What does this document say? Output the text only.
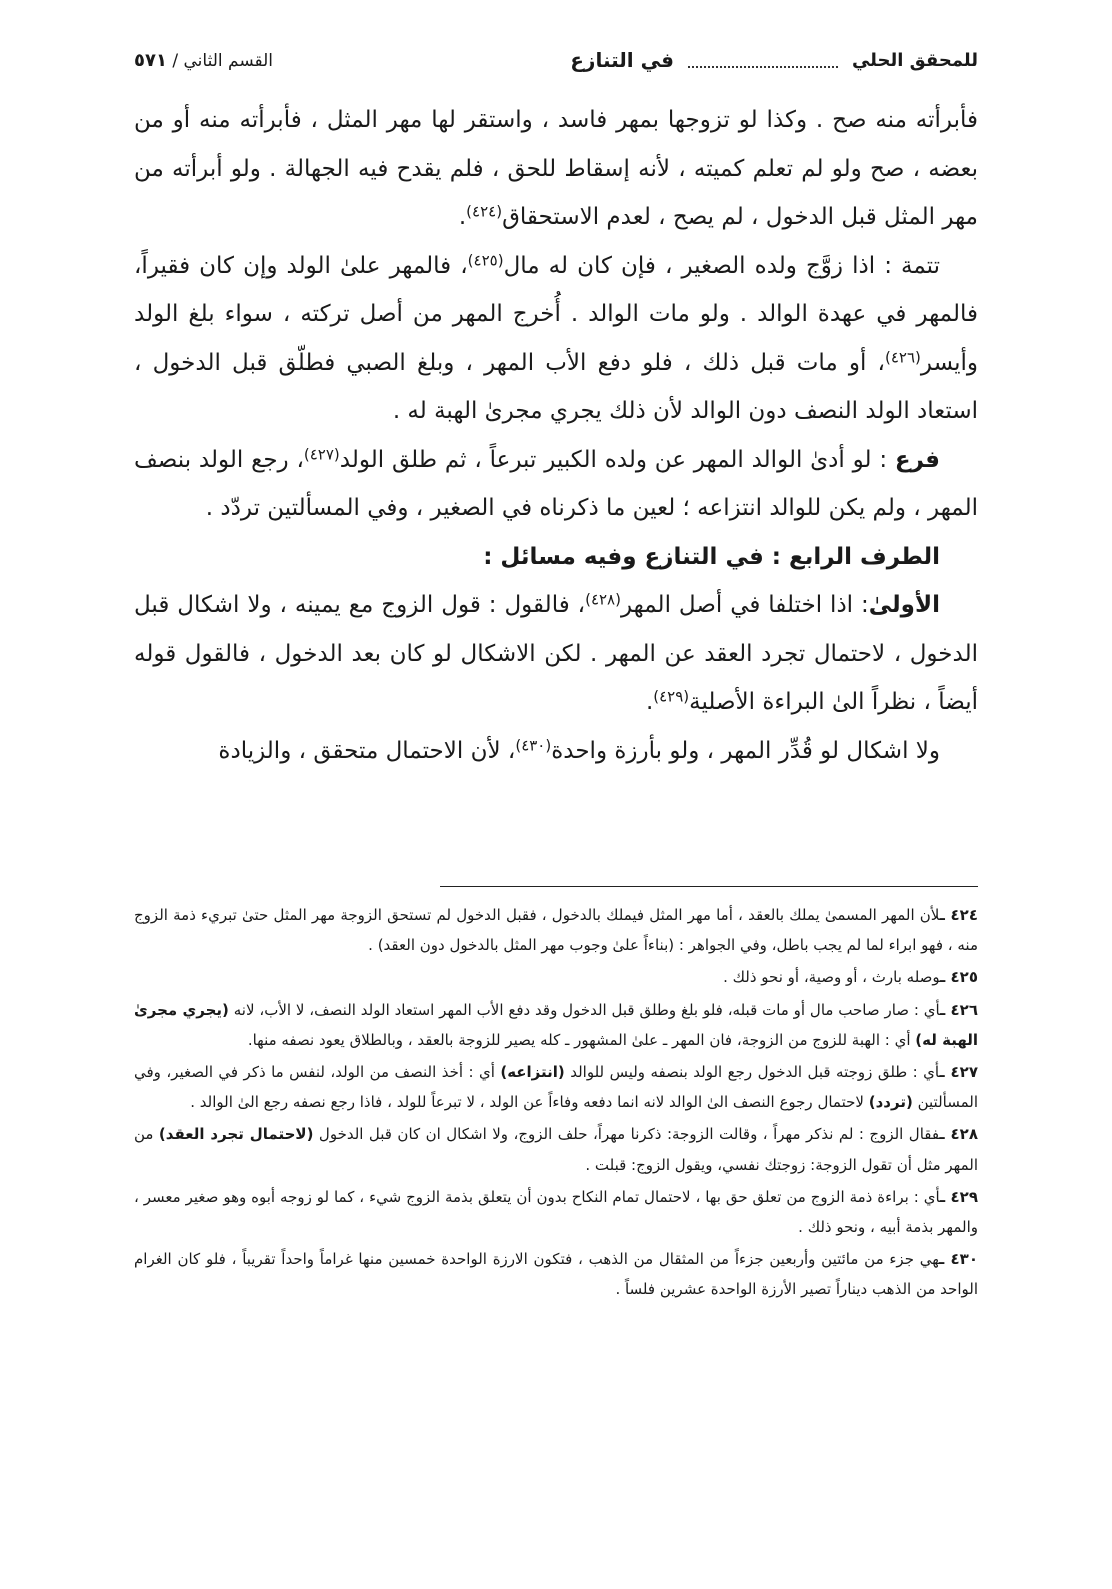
للمحقق الحلي
في التنازع
القسم الثاني / ٥٧١

فأبرأته منه صح . وكذا لو تزوجها بمهر فاسد ، واستقر لها مهر المثل ، فأبرأته منه أو من بعضه ، صح ولو لم تعلم كميته ، لأنه إسقاط للحق ، فلم يقدح فيه الجهالة . ولو أبرأته من مهر المثل قبل الدخول ، لم يصح ، لعدم الاستحقاق$^{(٤٢٤)}$.

تتمة : اذا زوَّج ولده الصغير ، فإن كان له مال$^{(٤٢٥)}$، فالمهر علىٰ الولد وإن كان فقيراً، فالمهر في عهدة الوالد . ولو مات الوالد . أُخرج المهر من أصل تركته ، سواء بلغ الولد وأيسر$^{(٤٢٦)}$، أو مات قبل ذلك ، فلو دفع الأب المهر ، وبلغ الصبي فطلّق قبل الدخول ، استعاد الولد النصف دون الوالد لأن ذلك يجري مجرىٰ الهبة له .

فرع : لو أدىٰ الوالد المهر عن ولده الكبير تبرعاً ، ثم طلق الولد$^{(٤٢٧)}$، رجع الولد بنصف المهر ، ولم يكن للوالد انتزاعه ؛ لعين ما ذكرناه في الصغير ، وفي المسألتين تردّد .

الطرف الرابع : في التنازع وفيه مسائل :

الأولىٰ: اذا اختلفا في أصل المهر$^{(٤٢٨)}$، فالقول : قول الزوج مع يمينه ، ولا اشكال قبل الدخول ، لاحتمال تجرد العقد عن المهر . لكن الاشكال لو كان بعد الدخول ، فالقول قوله أيضاً ، نظراً الىٰ البراءة الأصلية$^{(٤٢٩)}$.

ولا اشكال لو قُدِّر المهر ، ولو بأرزة واحدة$^{(٤٣٠)}$، لأن الاحتمال متحقق ، والزيادة

٤٢٤ ـلأن المهر المسمىٰ يملك بالعقد ، أما مهر المثل فيملك بالدخول ، فقبل الدخول لم تستحق الزوجة مهر المثل حتىٰ تبريء ذمة الزوج منه ، فهو ابراء لما لم يجب باطل، وفي الجواهر : (بناءاً علىٰ وجوب مهر المثل بالدخول دون العقد) .

٤٢٥ ـوصله بارث ، أو وصية، أو نحو ذلك .

٤٢٦ ـأي : صار صاحب مال أو مات قبله، فلو بلغ وطلق قبل الدخول وقد دفع الأب المهر استعاد الولد النصف، لا الأب، لانه (يجري مجرىٰ الهبة له) أي : الهبة للزوج من الزوجة، فان المهر ـ علىٰ المشهور ـ كله يصير للزوجة بالعقد ، وبالطلاق يعود نصفه منها.

٤٢٧ ـأي : طلق زوجته قبل الدخول رجع الولد بنصفه وليس للوالد (انتزاعه) أي : أخذ النصف من الولد، لنفس ما ذكر في الصغير، وفي المسألتين (تردد) لاحتمال رجوع النصف الىٰ الوالد لانه انما دفعه وفاءاً عن الولد ، لا تبرعاً للولد ، فاذا رجع نصفه رجع الىٰ الوالد .

٤٢٨ ـفقال الزوج : لم نذكر مهراً ، وقالت الزوجة: ذكرنا مهراً، حلف الزوج، ولا اشكال ان كان قبل الدخول (لاحتمال تجرد العقد) من المهر مثل أن تقول الزوجة: زوجتك نفسي، ويقول الزوج: قبلت .

٤٢٩ ـأي : براءة ذمة الزوج من تعلق حق بها ، لاحتمال تمام النكاح بدون أن يتعلق بذمة الزوج شيء ، كما لو زوجه أبوه وهو صغير معسر ، والمهر بذمة أبيه ، ونحو ذلك .

٤٣٠ ـهي جزء من مائتين وأربعين جزءاً من المثقال من الذهب ، فتكون الارزة الواحدة خمسين منها غراماً واحداً تقريباً ، فلو كان الغرام الواحد من الذهب ديناراً تصير الأرزة الواحدة عشرين فلساً .
